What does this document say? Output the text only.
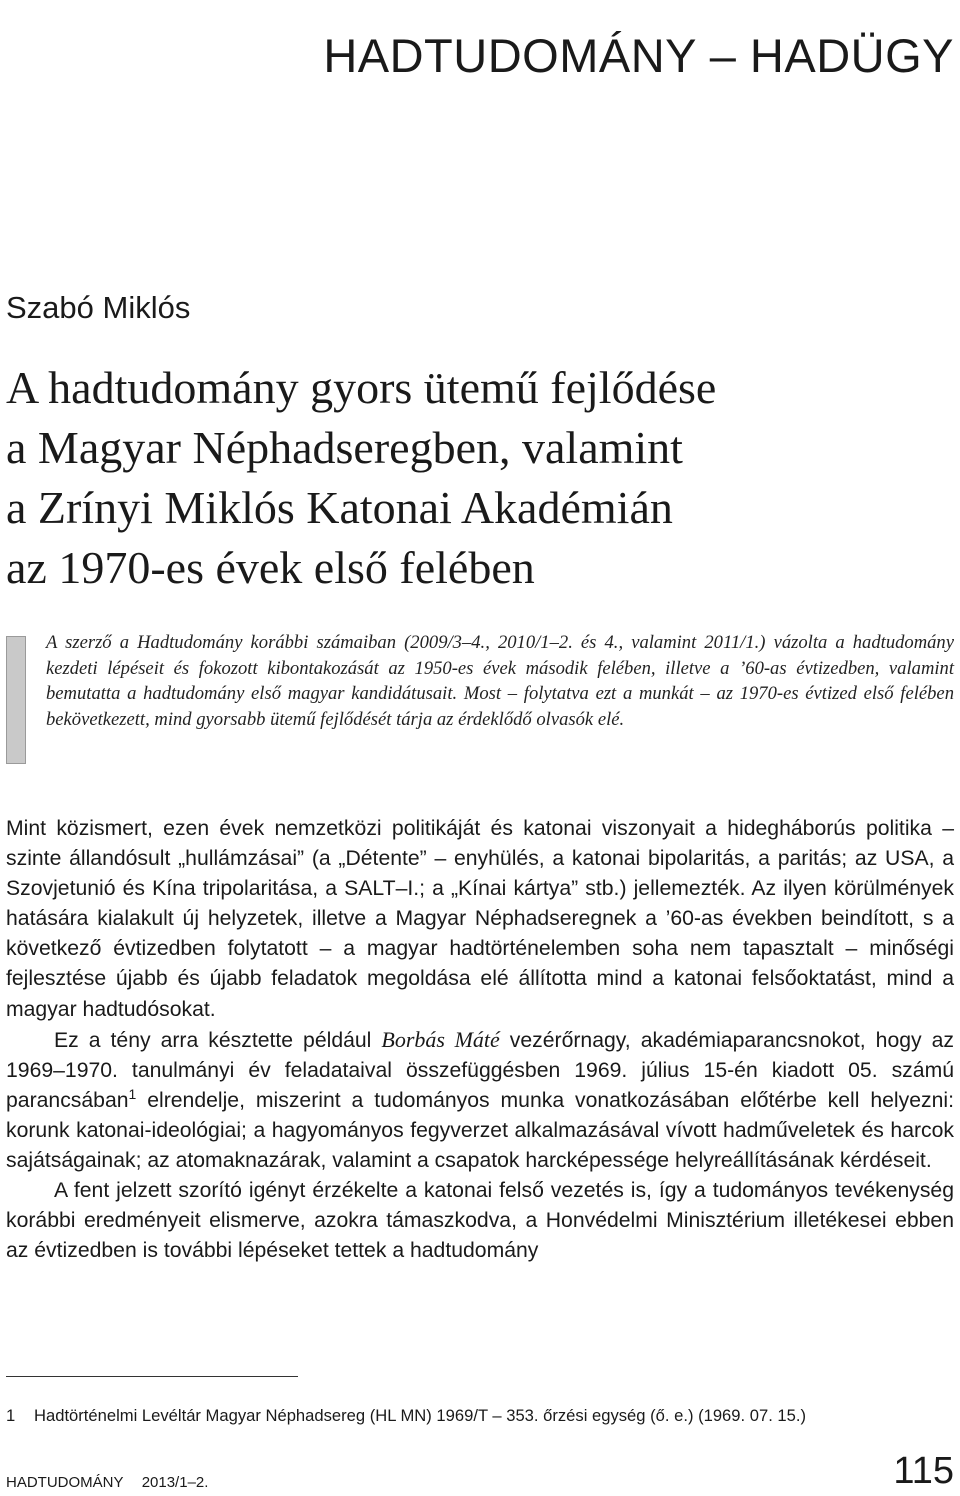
HADTUDOMÁNY – HADÜGY
Szabó Miklós
A hadtudomány gyors ütemű fejlődése
a Magyar Néphadseregben, valamint
a Zrínyi Miklós Katonai Akadémián
az 1970-es évek első felében

A szerző a Hadtudomány korábbi számaiban (2009/3–4., 2010/1–2. és 4., valamint 2011/1.) vázolta a hadtudomány kezdeti lépéseit és fokozott kibontakozását az 1950-es évek második felében, illetve a ’60-as évtizedben, valamint bemutatta a hadtudomány első magyar kandidátusait. Most – folytatva ezt a munkát – az 1970-es évtized első felében bekövetkezett, mind gyorsabb ütemű fejlődését tárja az érdeklődő olvasók elé.

Mint közismert, ezen évek nemzetközi politikáját és katonai viszonyait a hidegháborús politika – szinte állandósult „hullámzásai” (a „Détente” – enyhülés, a katonai bipolaritás, a paritás; az USA, a Szovjetunió és Kína tripolaritása, a SALT–I.; a „Kínai kártya” stb.) jellemezték. Az ilyen körülmények hatására kialakult új helyzetek, illetve a Magyar Néphadseregnek a ’60-as években beindított, s a következő évtizedben folytatott – a magyar hadtörténelemben soha nem tapasztalt – minőségi fejlesztése újabb és újabb feladatok megoldása elé állította mind a katonai felsőoktatást, mind a magyar hadtudósokat.

Ez a tény arra késztette például Borbás Máté vezérőrnagy, akadémiaparancsnokot, hogy az 1969–1970. tanulmányi év feladataival összefüggésben 1969. július 15-én kiadott 05. számú parancsában$^1$ elrendelje, miszerint a tudományos munka vonatkozásában előtérbe kell helyezni: korunk katonai-ideológiai; a hagyományos fegyverzet alkalmazásával vívott hadműveletek és harcok sajátságainak; az atomaknazárak, valamint a csapatok harcképessége helyreállításának kérdéseit.

A fent jelzett szorító igényt érzékelte a katonai felső vezetés is, így a tudományos tevékenység korábbi eredményeit elismerve, azokra támaszkodva, a Honvédelmi Minisztérium illetékesei ebben az évtizedben is további lépéseket tettek a hadtudomány

1 Hadtörténelmi Levéltár Magyar Néphadsereg (HL MN) 1969/T – 353. őrzési egység (ő. e.) (1969. 07. 15.)
HADTUDOMÁNY 2013/1–2.	115
